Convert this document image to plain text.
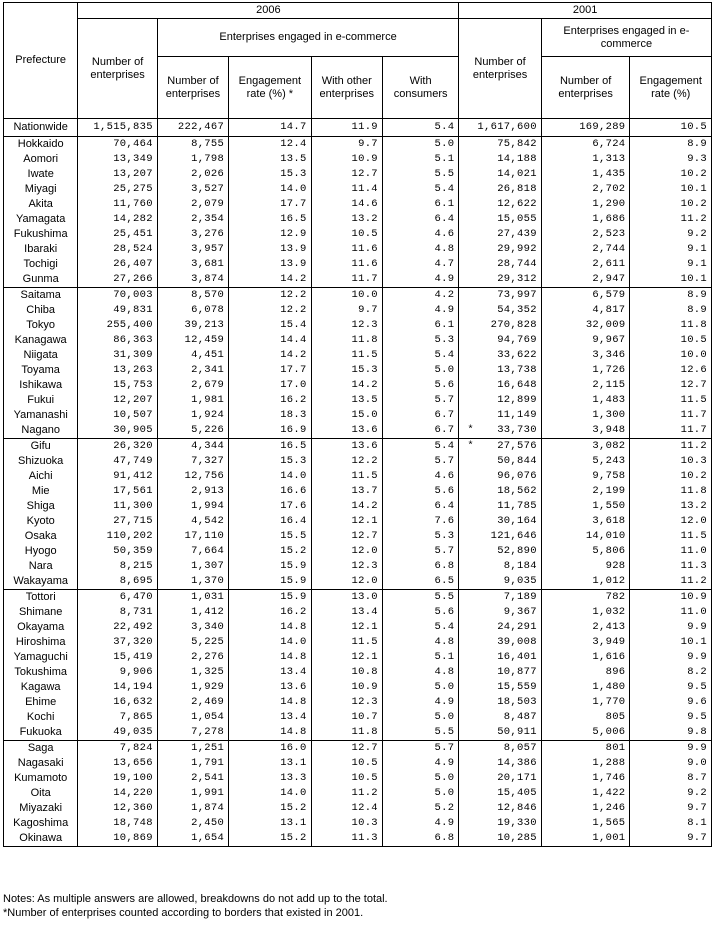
Prefecture	2006					2001		
	Number of enterprises	Enterprises engaged in e-commerce				Number of enterprises	Enterprises engaged in e-commerce	
		Number of enterprises	Engagement rate (%) *	With other enterprises	With consumers		Number of enterprises	Engagement rate (%)
Nationwide	1,515,835	222,467	14.7	11.9	5.4	1,617,600	169,289	10.5
Hokkaido	70,464	8,755	12.4	9.7	5.0	75,842	6,724	8.9
Aomori	13,349	1,798	13.5	10.9	5.1	14,188	1,313	9.3
Iwate	13,207	2,026	15.3	12.7	5.5	14,021	1,435	10.2
Miyagi	25,275	3,527	14.0	11.4	5.4	26,818	2,702	10.1
Akita	11,760	2,079	17.7	14.6	6.1	12,622	1,290	10.2
Yamagata	14,282	2,354	16.5	13.2	6.4	15,055	1,686	11.2
Fukushima	25,451	3,276	12.9	10.5	4.6	27,439	2,523	9.2
Ibaraki	28,524	3,957	13.9	11.6	4.8	29,992	2,744	9.1
Tochigi	26,407	3,681	13.9	11.6	4.7	28,744	2,611	9.1
Gunma	27,266	3,874	14.2	11.7	4.9	29,312	2,947	10.1
Saitama	70,003	8,570	12.2	10.0	4.2	73,997	6,579	8.9
Chiba	49,831	6,078	12.2	9.7	4.9	54,352	4,817	8.9
Tokyo	255,400	39,213	15.4	12.3	6.1	270,828	32,009	11.8
Kanagawa	86,363	12,459	14.4	11.8	5.3	94,769	9,967	10.5
Niigata	31,309	4,451	14.2	11.5	5.4	33,622	3,346	10.0
Toyama	13,263	2,341	17.7	15.3	5.0	13,738	1,726	12.6
Ishikawa	15,753	2,679	17.0	14.2	5.6	16,648	2,115	12.7
Fukui	12,207	1,981	16.2	13.5	5.7	12,899	1,483	11.5
Yamanashi	10,507	1,924	18.3	15.0	6.7	11,149	1,300	11.7
Nagano	30,905	5,226	16.9	13.6	6.7	* 33,730	3,948	11.7
Gifu	26,320	4,344	16.5	13.6	5.4	* 27,576	3,082	11.2
Shizuoka	47,749	7,327	15.3	12.2	5.7	50,844	5,243	10.3
Aichi	91,412	12,756	14.0	11.5	4.6	96,076	9,758	10.2
Mie	17,561	2,913	16.6	13.7	5.6	18,562	2,199	11.8
Shiga	11,300	1,994	17.6	14.2	6.4	11,785	1,550	13.2
Kyoto	27,715	4,542	16.4	12.1	7.6	30,164	3,618	12.0
Osaka	110,202	17,110	15.5	12.7	5.3	121,646	14,010	11.5
Hyogo	50,359	7,664	15.2	12.0	5.7	52,890	5,806	11.0
Nara	8,215	1,307	15.9	12.3	6.8	8,184	928	11.3
Wakayama	8,695	1,370	15.9	12.0	6.5	9,035	1,012	11.2
Tottori	6,470	1,031	15.9	13.0	5.5	7,189	782	10.9
Shimane	8,731	1,412	16.2	13.4	5.6	9,367	1,032	11.0
Okayama	22,492	3,340	14.8	12.1	5.4	24,291	2,413	9.9
Hiroshima	37,320	5,225	14.0	11.5	4.8	39,008	3,949	10.1
Yamaguchi	15,419	2,276	14.8	12.1	5.1	16,401	1,616	9.9
Tokushima	9,906	1,325	13.4	10.8	4.8	10,877	896	8.2
Kagawa	14,194	1,929	13.6	10.9	5.0	15,559	1,480	9.5
Ehime	16,632	2,469	14.8	12.3	4.9	18,503	1,770	9.6
Kochi	7,865	1,054	13.4	10.7	5.0	8,487	805	9.5
Fukuoka	49,035	7,278	14.8	11.8	5.5	50,911	5,006	9.8
Saga	7,824	1,251	16.0	12.7	5.7	8,057	801	9.9
Nagasaki	13,656	1,791	13.1	10.5	4.9	14,386	1,288	9.0
Kumamoto	19,100	2,541	13.3	10.5	5.0	20,171	1,746	8.7
Oita	14,220	1,991	14.0	11.2	5.0	15,405	1,422	9.2
Miyazaki	12,360	1,874	15.2	12.4	5.2	12,846	1,246	9.7
Kagoshima	18,748	2,450	13.1	10.3	4.9	19,330	1,565	8.1
Okinawa	10,869	1,654	15.2	11.3	6.8	10,285	1,001	9.7
Notes: As multiple answers are allowed, breakdowns do not add up to the total.
*Number of enterprises counted according to borders that existed in 2001.
